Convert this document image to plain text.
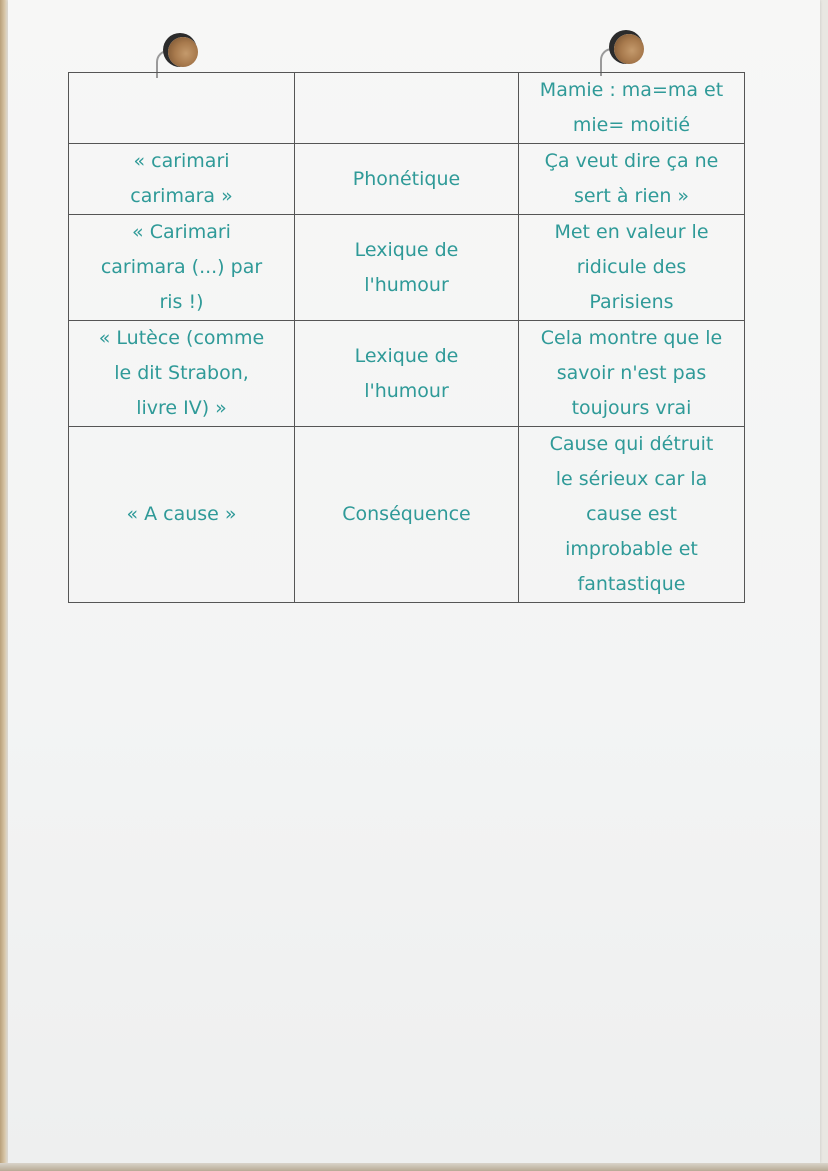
		Mamie : ma=ma et
mie= moitié

« carimari
carimara »	Phonétique	Ça veut dire ça ne
sert à rien »

« Carimari
carimara (...) par
ris !)	Lexique de
l'humour	Met en valeur le
ridicule des
Parisiens

« Lutèce (comme
le dit Strabon,
livre IV) »	Lexique de
l'humour	Cela montre que le
savoir n'est pas
toujours vrai

« A cause »	Conséquence	Cause qui détruit
le sérieux car la
cause est
improbable et
fantastique
